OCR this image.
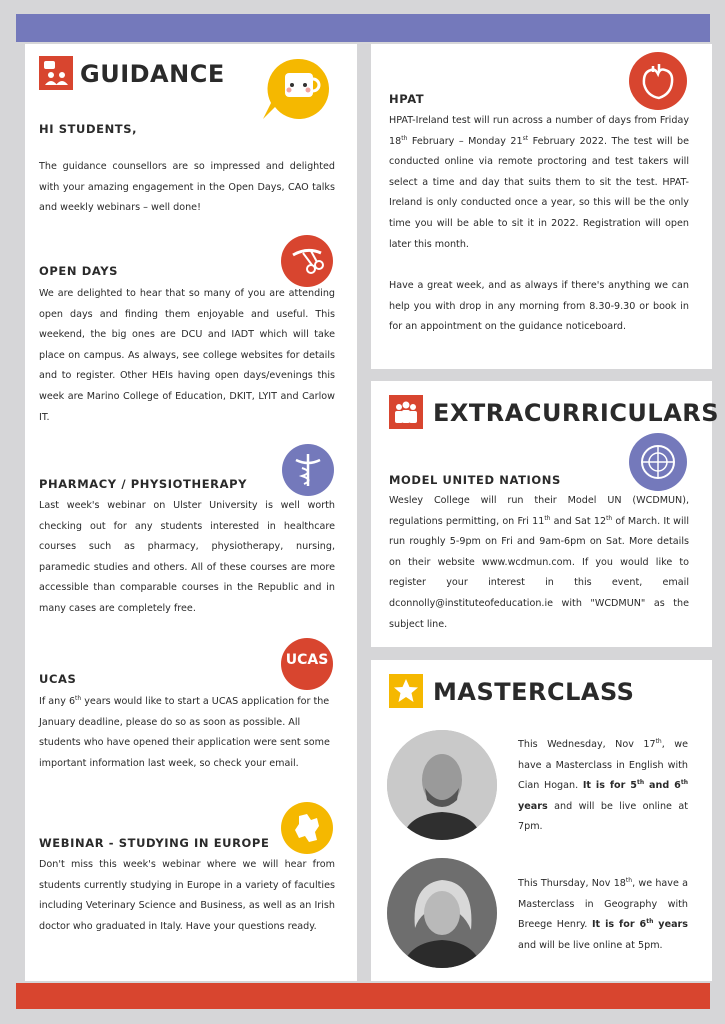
GUIDANCE
HI STUDENTS,
The guidance counsellors are so impressed and delighted with your amazing engagement in the Open Days, CAO talks and weekly webinars – well done!
OPEN DAYS
We are delighted to hear that so many of you are attending open days and finding them enjoyable and useful. This weekend, the big ones are DCU and IADT which will take place on campus. As always, see college websites for details and to register. Other HEIs having open days/evenings this week are Marino College of Education, DKIT, LYIT and Carlow IT.
PHARMACY / PHYSIOTHERAPY
Last week's webinar on Ulster University is well worth checking out for any students interested in healthcare courses such as pharmacy, physiotherapy, nursing, paramedic studies and others. All of these courses are more accessible than comparable courses in the Republic and in many cases are completely free.
UCAS
UCAS
If any 6th years would like to start a UCAS application for the January deadline, please do so as soon as possible. All students who have opened their application were sent some important information last week, so check your email.
WEBINAR - STUDYING IN EUROPE
Don't miss this week's webinar where we will hear from students currently studying in Europe in a variety of faculties including Veterinary Science and Business, as well as an Irish doctor who graduated in Italy. Have your questions ready.
HPAT
HPAT-Ireland test will run across a number of days from Friday 18th February – Monday 21st February 2022. The test will be conducted online via remote proctoring and test takers will select a time and day that suits them to sit the test. HPAT-Ireland is only conducted once a year, so this will be the only time you will be able to sit it in 2022. Registration will open later this month.
Have a great week, and as always if there's anything we can help you with drop in any morning from 8.30-9.30 or book in for an appointment on the guidance noticeboard.
EXTRACURRICULARS
MODEL UNITED NATIONS
Wesley College will run their Model UN (WCDMUN), regulations permitting, on Fri 11th and Sat 12th of March. It will run roughly 5-9pm on Fri and 9am-6pm on Sat. More details on their website www.wcdmun.com. If you would like to register your interest in this event, email dconnolly@instituteofeducation.ie with "WCDMUN" as the subject line.
MASTERCLASS
This Wednesday, Nov 17th, we have a Masterclass in English with Cian Hogan. It is for 5th and 6th years and will be live online at 7pm.
This Thursday, Nov 18th, we have a Masterclass in Geography with Breege Henry. It is for 6th years and will be live online at 5pm.
